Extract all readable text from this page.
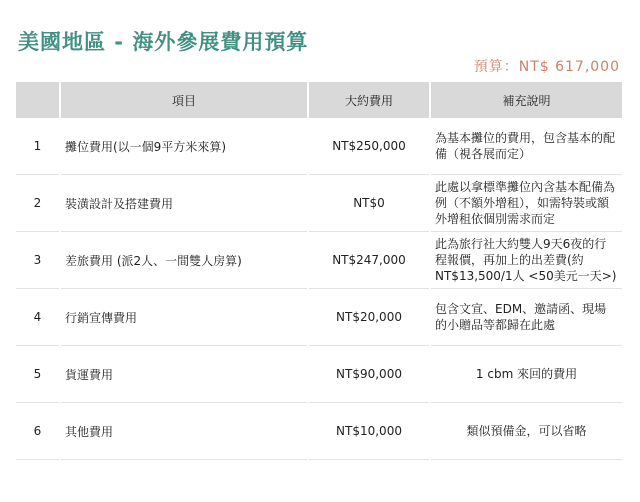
美國地區 - 海外參展費用預算
預算：NT$ 617,000
	項目	大約費用	補充說明
1	攤位費用(以一個9平方米來算)	NT$250,000	為基本攤位的費用，包含基本的配備（視各展而定）
2	裝潢設計及搭建費用	NT$0	此處以拿標準攤位內含基本配備為例（不額外增租），如需特裝或額外增租依個別需求而定
3	差旅費用 (派2人、一間雙人房算)	NT$247,000	此為旅行社大約雙人9天6夜的行程報價，再加上的出差費(約NT$13,500/1人 <50美元一天>)
4	行銷宣傳費用	NT$20,000	包含文宣、EDM、邀請函、現場的小贈品等都歸在此處
5	貨運費用	NT$90,000	1 cbm 來回的費用
6	其他費用	NT$10,000	類似預備金，可以省略
